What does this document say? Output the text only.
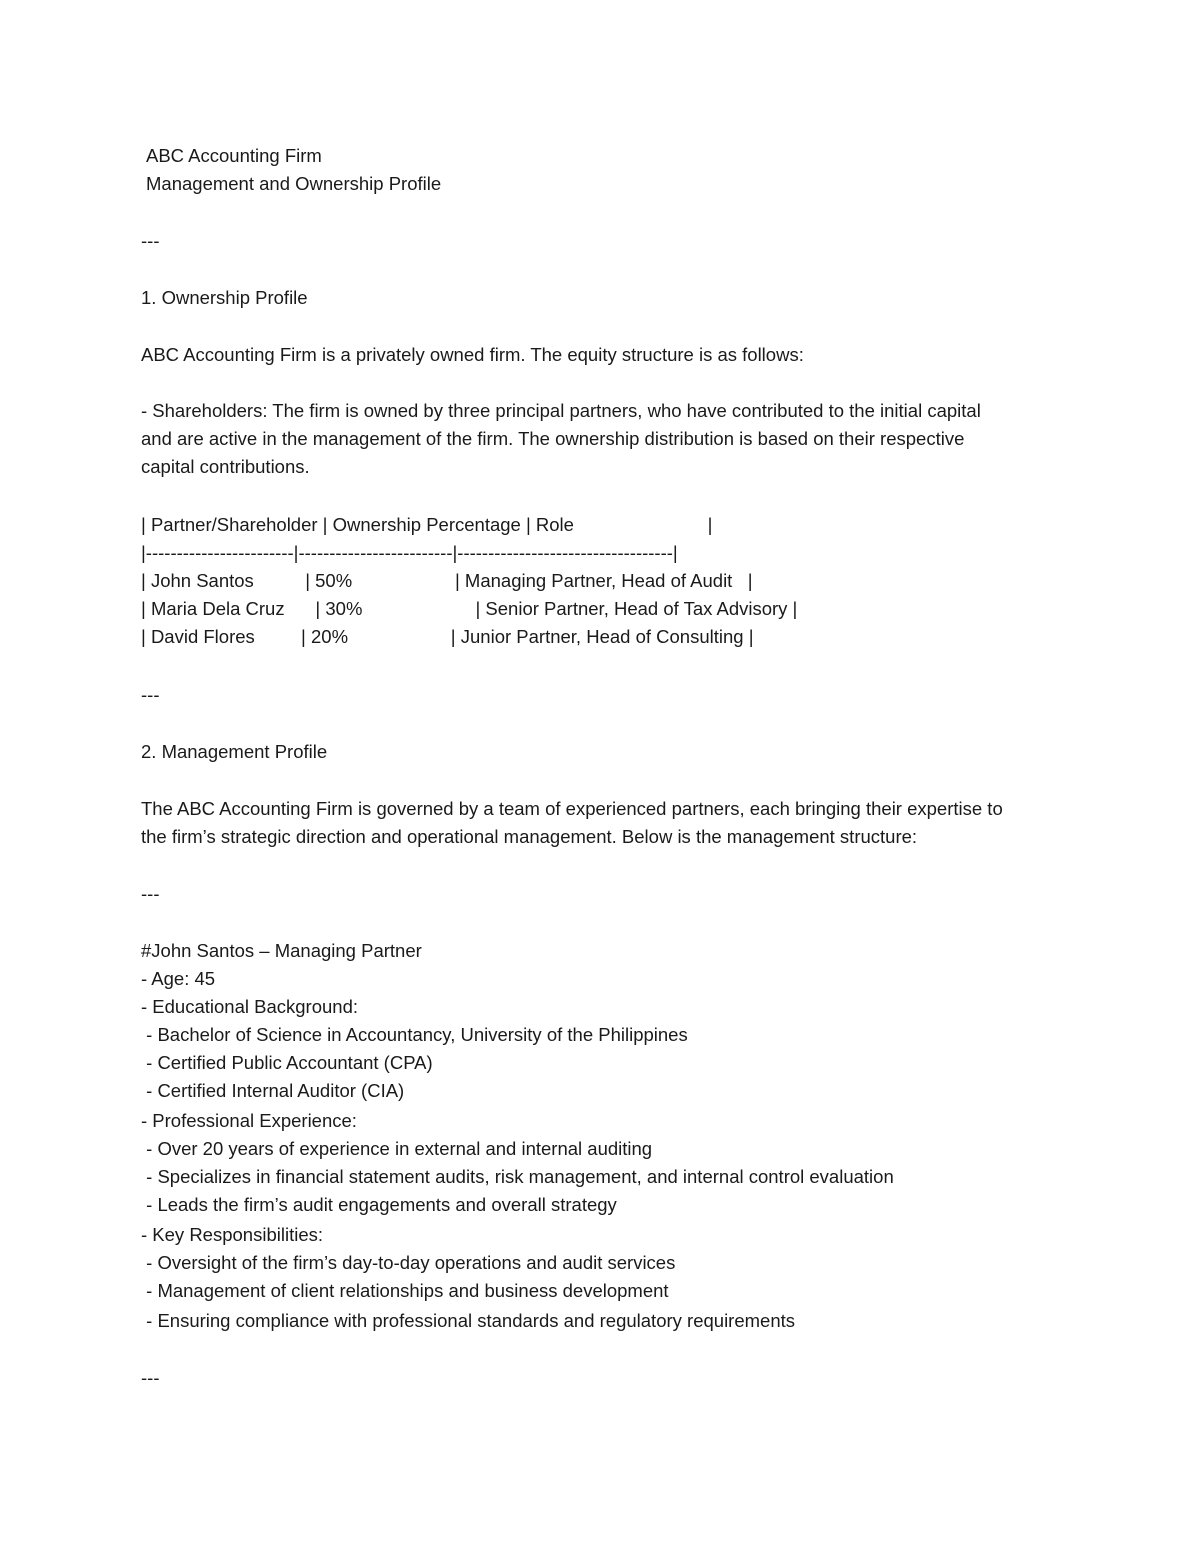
ABC Accounting Firm
Management and Ownership Profile
---
1. Ownership Profile
ABC Accounting Firm is a privately owned firm. The equity structure is as follows:
- Shareholders: The firm is owned by three principal partners, who have contributed to the initial capital
and are active in the management of the firm. The ownership distribution is based on their respective
capital contributions.
| Partner/Shareholder | Ownership Percentage | Role                          |
|------------------------|-------------------------|-----------------------------------|
| John Santos          | 50%                    | Managing Partner, Head of Audit   |
| Maria Dela Cruz      | 30%                      | Senior Partner, Head of Tax Advisory |
| David Flores         | 20%                    | Junior Partner, Head of Consulting |
---
2. Management Profile
The ABC Accounting Firm is governed by a team of experienced partners, each bringing their expertise to
the firm’s strategic direction and operational management. Below is the management structure:
---
#John Santos – Managing Partner
- Age: 45
- Educational Background:
- Bachelor of Science in Accountancy, University of the Philippines
- Certified Public Accountant (CPA)
- Certified Internal Auditor (CIA)
- Professional Experience:
- Over 20 years of experience in external and internal auditing
- Specializes in financial statement audits, risk management, and internal control evaluation
- Leads the firm’s audit engagements and overall strategy
- Key Responsibilities:
- Oversight of the firm’s day-to-day operations and audit services
- Management of client relationships and business development
- Ensuring compliance with professional standards and regulatory requirements
---
